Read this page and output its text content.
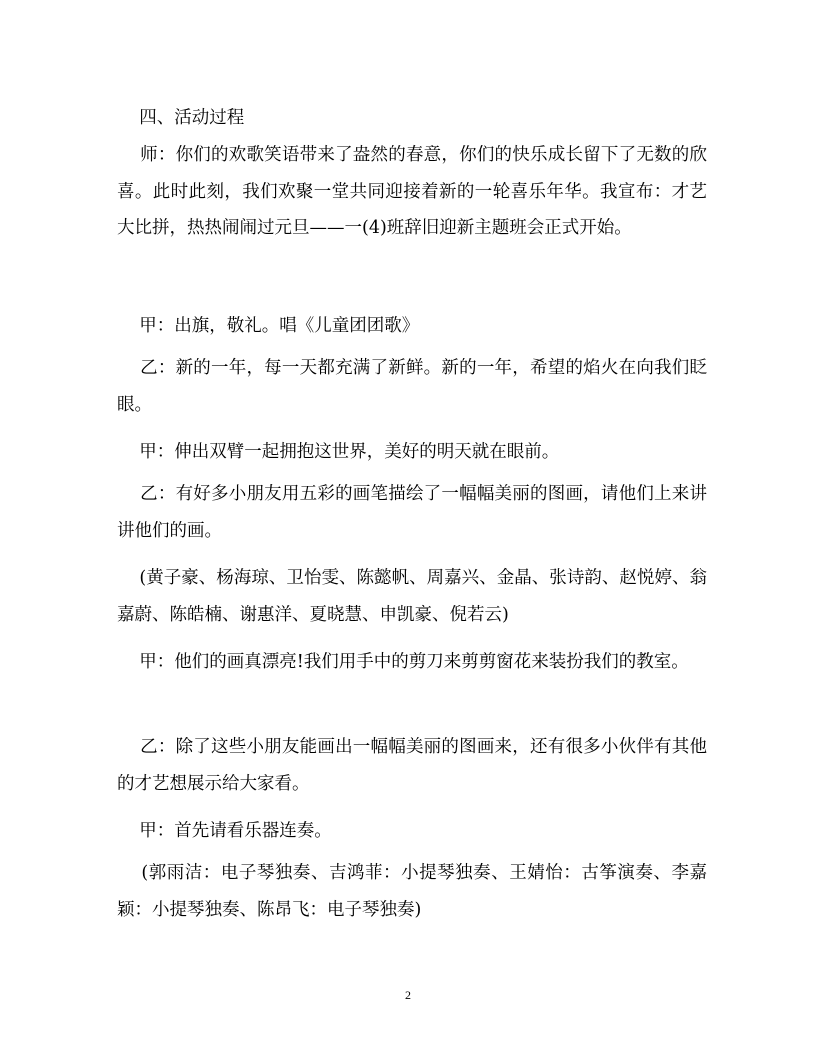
四、活动过程

师：你们的欢歌笑语带来了盎然的春意，你们的快乐成长留下了无数的欣喜。此时此刻，我们欢聚一堂共同迎接着新的一轮喜乐年华。我宣布：才艺大比拼，热热闹闹过元旦——一(4)班辞旧迎新主题班会正式开始。

甲：出旗，敬礼。唱《儿童团团歌》

乙：新的一年，每一天都充满了新鲜。新的一年，希望的焰火在向我们眨眼。

甲：伸出双臂一起拥抱这世界，美好的明天就在眼前。

乙：有好多小朋友用五彩的画笔描绘了一幅幅美丽的图画，请他们上来讲讲他们的画。

(黄子豪、杨海琼、卫怡雯、陈懿帆、周嘉兴、金晶、张诗韵、赵悦婷、翁嘉蔚、陈皓楠、谢惠洋、夏晓慧、申凯豪、倪若云)

甲：他们的画真漂亮!我们用手中的剪刀来剪剪窗花来装扮我们的教室。

乙：除了这些小朋友能画出一幅幅美丽的图画来，还有很多小伙伴有其他的才艺想展示给大家看。

甲：首先请看乐器连奏。

(郭雨洁：电子琴独奏、吉鸿菲：小提琴独奏、王婧怡：古筝演奏、李嘉颖：小提琴独奏、陈昂飞：电子琴独奏)

2
